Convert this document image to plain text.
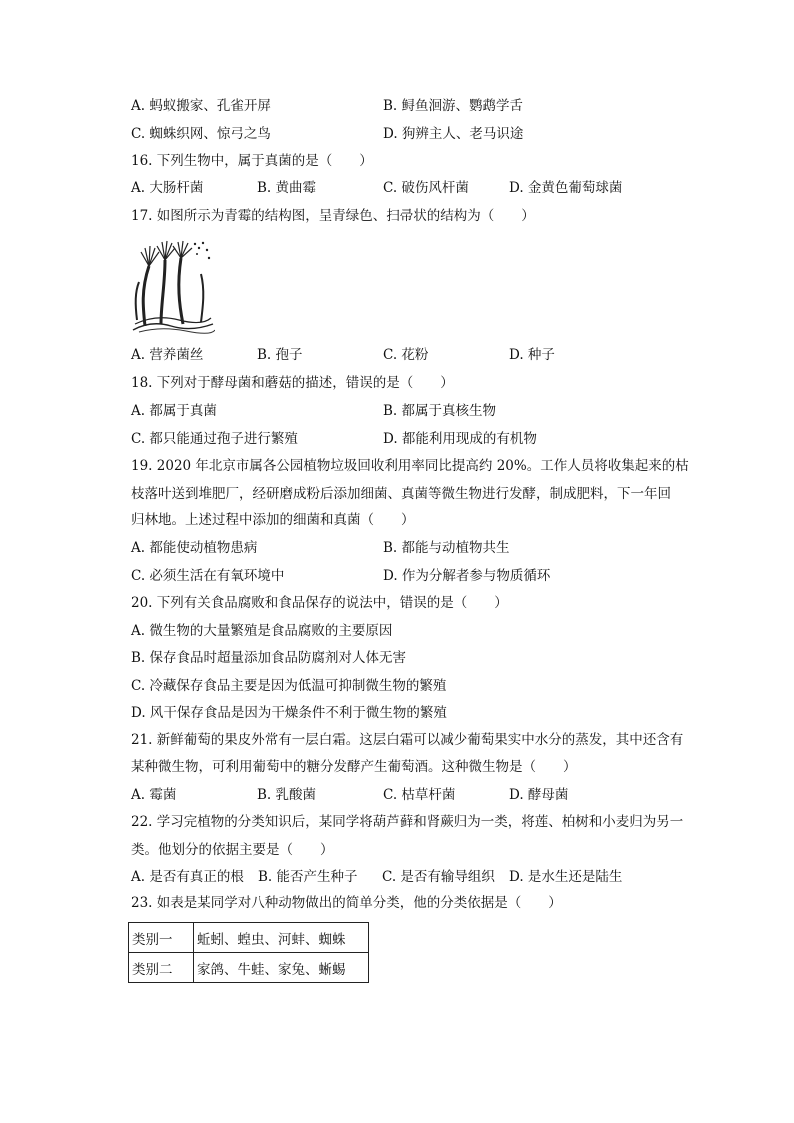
A. 蚂蚁搬家、孔雀开屏	B. 鲟鱼洄游、鹦鹉学舌
C. 蜘蛛织网、惊弓之鸟	D. 狗辨主人、老马识途
16. 下列生物中，属于真菌的是（　　）
A. 大肠杆菌	B. 黄曲霉	C. 破伤风杆菌	D. 金黄色葡萄球菌
17. 如图所示为青霉的结构图，呈青绿色、扫帚状的结构为（　　）
A. 营养菌丝	B. 孢子	C. 花粉	D. 种子
18. 下列对于酵母菌和蘑菇的描述，错误的是（　　）
A. 都属于真菌	B. 都属于真核生物
C. 都只能通过孢子进行繁殖	D. 都能利用现成的有机物
19. 2020 年北京市属各公园植物垃圾回收利用率同比提高约 20%。工作人员将收集起来的枯
枝落叶送到堆肥厂，经研磨成粉后添加细菌、真菌等微生物进行发酵，制成肥料，下一年回
归林地。上述过程中添加的细菌和真菌（　　）
A. 都能使动植物患病	B. 都能与动植物共生
C. 必须生活在有氧环境中	D. 作为分解者参与物质循环
20. 下列有关食品腐败和食品保存的说法中，错误的是（　　）
A. 微生物的大量繁殖是食品腐败的主要原因
B. 保存食品时超量添加食品防腐剂对人体无害
C. 冷藏保存食品主要是因为低温可抑制微生物的繁殖
D. 风干保存食品是因为干燥条件不利于微生物的繁殖
21. 新鲜葡萄的果皮外常有一层白霜。这层白霜可以减少葡萄果实中水分的蒸发，其中还含有
某种微生物，可利用葡萄中的糖分发酵产生葡萄酒。这种微生物是（　　）
A. 霉菌	B. 乳酸菌	C. 枯草杆菌	D. 酵母菌
22. 学习完植物的分类知识后，某同学将葫芦藓和肾蕨归为一类，将莲、柏树和小麦归为另一
类。他划分的依据主要是（　　）
A. 是否有真正的根 B. 能否产生种子 C. 是否有输导组织 D. 是水生还是陆生
23. 如表是某同学对八种动物做出的简单分类，他的分类依据是（　　）
类别一	蚯蚓、蝗虫、河蚌、蜘蛛
类别二	家鸽、牛蛙、家兔、蜥蜴
